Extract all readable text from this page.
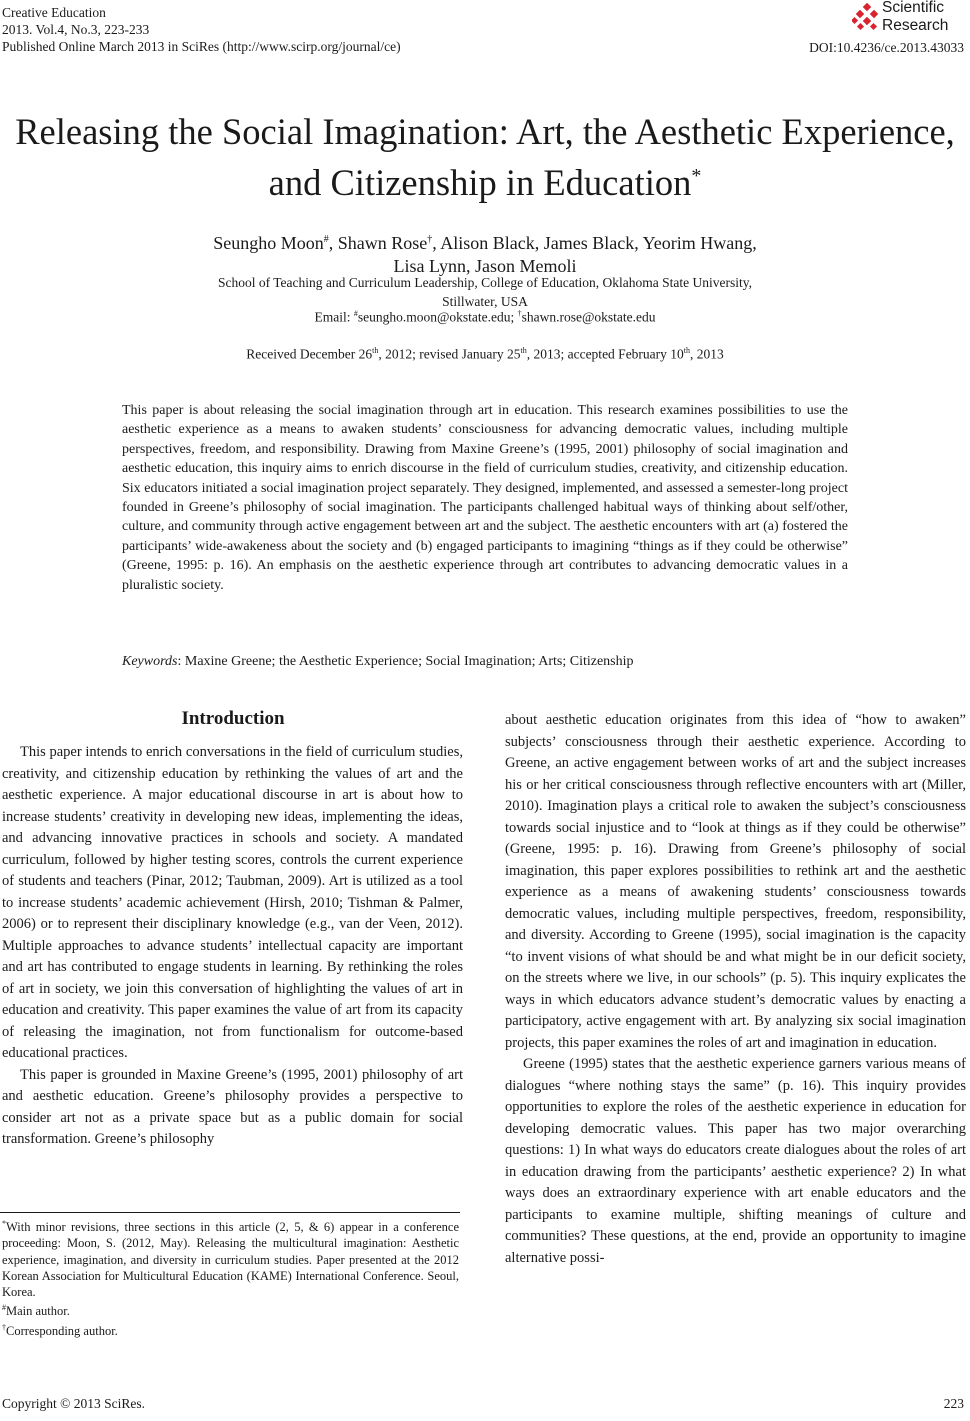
Creative Education
2013. Vol.4, No.3, 223-233
Published Online March 2013 in SciRes (http://www.scirp.org/journal/ce)
Scientific
Research
DOI:10.4236/ce.2013.43033
Releasing the Social Imagination: Art, the Aesthetic Experience,
and Citizenship in Education*
Seungho Moon#, Shawn Rose†, Alison Black, James Black, Yeorim Hwang,
Lisa Lynn, Jason Memoli
School of Teaching and Curriculum Leadership, College of Education, Oklahoma State University,
Stillwater, USA
Email: #seungho.moon@okstate.edu; †shawn.rose@okstate.edu
Received December 26th, 2012; revised January 25th, 2013; accepted February 10th, 2013
This paper is about releasing the social imagination through art in education. This research examines possibilities to use the aesthetic experience as a means to awaken students’ consciousness for advancing democratic values, including multiple perspectives, freedom, and responsibility. Drawing from Maxine Greene’s (1995, 2001) philosophy of social imagination and aesthetic education, this inquiry aims to enrich discourse in the field of curriculum studies, creativity, and citizenship education. Six educators initiated a social imagination project separately. They designed, implemented, and assessed a semester-long project founded in Greene’s philosophy of social imagination. The participants challenged habitual ways of thinking about self/other, culture, and community through active engagement between art and the subject. The aesthetic encounters with art (a) fostered the participants’ wide-awakeness about the society and (b) engaged participants to imagining “things as if they could be otherwise” (Greene, 1995: p. 16). An emphasis on the aesthetic experience through art contributes to advancing democratic values in a pluralistic society.
Keywords: Maxine Greene; the Aesthetic Experience; Social Imagination; Arts; Citizenship
Introduction

This paper intends to enrich conversations in the field of curriculum studies, creativity, and citizenship education by rethinking the values of art and the aesthetic experience. A major educational discourse in art is about how to increase students’ creativity in developing new ideas, implementing the ideas, and advancing innovative practices in schools and society. A mandated curriculum, followed by higher testing scores, controls the current experience of students and teachers (Pinar, 2012; Taubman, 2009). Art is utilized as a tool to increase students’ academic achievement (Hirsh, 2010; Tishman & Palmer, 2006) or to represent their disciplinary knowledge (e.g., van der Veen, 2012). Multiple approaches to advance students’ intellectual capacity are important and art has contributed to engage students in learning. By rethinking the roles of art in society, we join this conversation of highlighting the values of art in education and creativity. This paper examines the value of art from its capacity of releasing the imagination, not from functionalism for outcome-based educational practices.

This paper is grounded in Maxine Greene’s (1995, 2001) philosophy of art and aesthetic education. Greene’s philosophy provides a perspective to consider art not as a private space but as a public domain for social transformation. Greene’s philosophy

*With minor revisions, three sections in this article (2, 5, & 6) appear in a conference proceeding: Moon, S. (2012, May). Releasing the multicultural imagination: Aesthetic experience, imagination, and diversity in curriculum studies. Paper presented at the 2012 Korean Association for Multicultural Education (KAME) International Conference. Seoul, Korea.

#Main author.

†Corresponding author.

about aesthetic education originates from this idea of “how to awaken” subjects’ consciousness through their aesthetic experience. According to Greene, an active engagement between works of art and the subject increases his or her critical consciousness through reflective encounters with art (Miller, 2010). Imagination plays a critical role to awaken the subject’s consciousness towards social injustice and to “look at things as if they could be otherwise” (Greene, 1995: p. 16). Drawing from Greene’s philosophy of social imagination, this paper explores possibilities to rethink art and the aesthetic experience as a means of awakening students’ consciousness towards democratic values, including multiple perspectives, freedom, responsibility, and diversity. According to Greene (1995), social imagination is the capacity “to invent visions of what should be and what might be in our deficit society, on the streets where we live, in our schools” (p. 5). This inquiry explicates the ways in which educators advance student’s democratic values by enacting a participatory, active engagement with art. By analyzing six social imagination projects, this paper examines the roles of art and imagination in education.

Greene (1995) states that the aesthetic experience garners various means of dialogues “where nothing stays the same” (p. 16). This inquiry provides opportunities to explore the roles of the aesthetic experience in education for developing democratic values. This paper has two major overarching questions: 1) In what ways do educators create dialogues about the roles of art in education drawing from the participants’ aesthetic experience? 2) In what ways does an extraordinary experience with art enable educators and the participants to examine multiple, shifting meanings of culture and communities? These questions, at the end, provide an opportunity to imagine alternative possi-

Copyright © 2013 SciRes.	223
